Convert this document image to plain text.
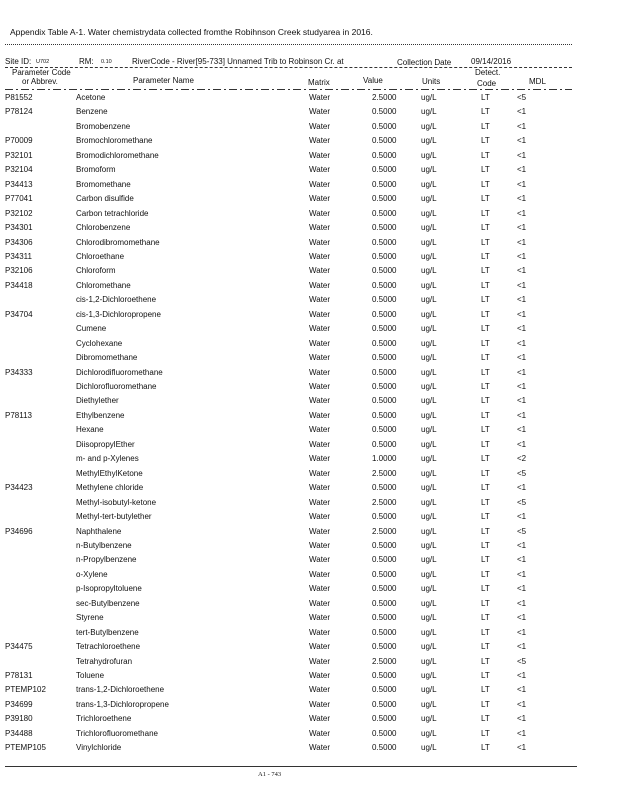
Appendix Table A-1. Water chemistrydata collected fromthe Robihnson Creek studyarea in 2016.
Site ID: U702	RM: 0.10	RiverCode - River[95-733] Unnamed Trib to Robinson Cr. at	Collection Date 09/14/2016
Parameter Code
or Abbrev.	Parameter Name	Matrix	Value	Units
Detect.
Code	MDL
P81552	Acetone	Water	2.5000	ug/L	LT	<5
P78124	Benzene	Water	0.5000	ug/L	LT	<1
Bromobenzene	Water	0.5000	ug/L	LT	<1
P70009	Bromochloromethane	Water	0.5000	ug/L	LT	<1
P32101	Bromodichloromethane	Water	0.5000	ug/L	LT	<1
P32104	Bromoform	Water	0.5000	ug/L	LT	<1
P34413	Bromomethane	Water	0.5000	ug/L	LT	<1
P77041	Carbon disulfide	Water	0.5000	ug/L	LT	<1
P32102	Carbon tetrachloride	Water	0.5000	ug/L	LT	<1
P34301	Chlorobenzene	Water	0.5000	ug/L	LT	<1
P34306	Chlorodibromomethane	Water	0.5000	ug/L	LT	<1
P34311	Chloroethane	Water	0.5000	ug/L	LT	<1
P32106	Chloroform	Water	0.5000	ug/L	LT	<1
P34418	Chloromethane	Water	0.5000	ug/L	LT	<1
cis-1,2-Dichloroethene	Water	0.5000	ug/L	LT	<1
P34704	cis-1,3-Dichloropropene	Water	0.5000	ug/L	LT	<1
Cumene	Water	0.5000	ug/L	LT	<1
Cyclohexane	Water	0.5000	ug/L	LT	<1
Dibromomethane	Water	0.5000	ug/L	LT	<1
P34333	Dichlorodifluoromethane	Water	0.5000	ug/L	LT	<1
Dichlorofluoromethane	Water	0.5000	ug/L	LT	<1
Diethylether	Water	0.5000	ug/L	LT	<1
P78113	Ethylbenzene	Water	0.5000	ug/L	LT	<1
Hexane	Water	0.5000	ug/L	LT	<1
DiisopropylEther	Water	0.5000	ug/L	LT	<1
m- and p-Xylenes	Water	1.0000	ug/L	LT	<2
MethylEthylKetone	Water	2.5000	ug/L	LT	<5
P34423	Methylene chloride	Water	0.5000	ug/L	LT	<1
Methyl-isobutyl-ketone	Water	2.5000	ug/L	LT	<5
Methyl-tert-butylether	Water	0.5000	ug/L	LT	<1
P34696	Naphthalene	Water	2.5000	ug/L	LT	<5
n-Butylbenzene	Water	0.5000	ug/L	LT	<1
n-Propylbenzene	Water	0.5000	ug/L	LT	<1
o-Xylene	Water	0.5000	ug/L	LT	<1
p-Isopropyltoluene	Water	0.5000	ug/L	LT	<1
sec-Butylbenzene	Water	0.5000	ug/L	LT	<1
Styrene	Water	0.5000	ug/L	LT	<1
tert-Butylbenzene	Water	0.5000	ug/L	LT	<1
P34475	Tetrachloroethene	Water	0.5000	ug/L	LT	<1
Tetrahydrofuran	Water	2.5000	ug/L	LT	<5
P78131	Toluene	Water	0.5000	ug/L	LT	<1
PTEMP102	trans-1,2-Dichloroethene	Water	0.5000	ug/L	LT	<1
P34699	trans-1,3-Dichloropropene	Water	0.5000	ug/L	LT	<1
P39180	Trichloroethene	Water	0.5000	ug/L	LT	<1
P34488	Trichlorofluoromethane	Water	0.5000	ug/L	LT	<1
PTEMP105	Vinylchloride	Water	0.5000	ug/L	LT	<1
A1 - 743
